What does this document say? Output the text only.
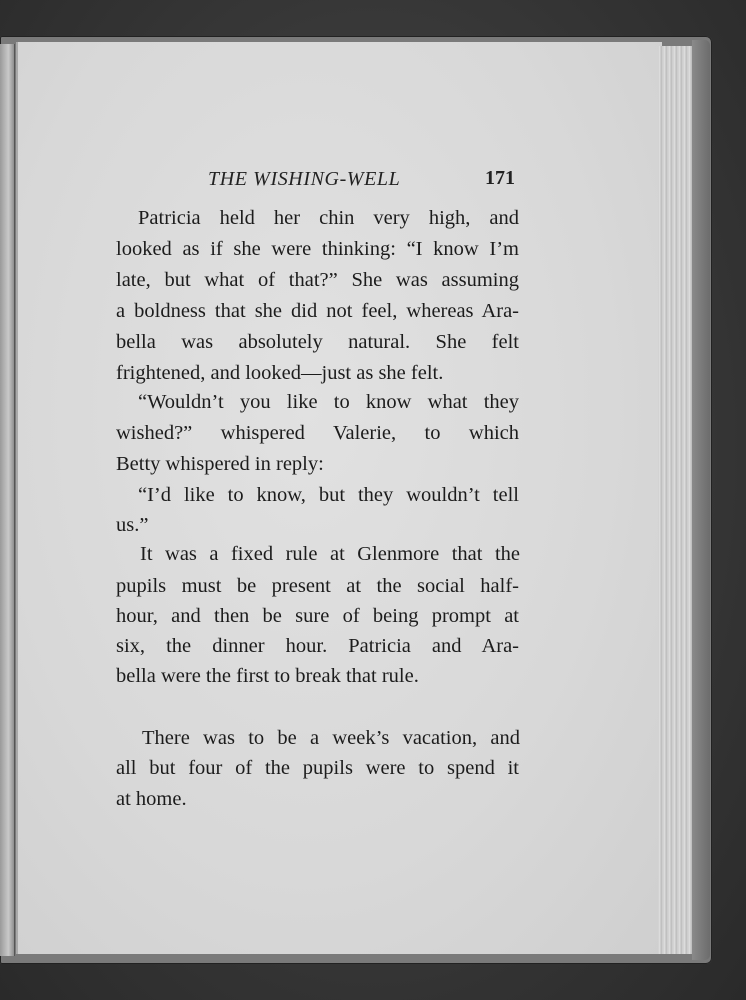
THE WISHING-WELL	171
Patricia held her chin very high, and
looked as if she were thinking: “I know I’m
late, but what of that?” She was assuming
a boldness that she did not feel, whereas Ara-
bella was absolutely natural. She felt
frightened, and looked—just as she felt.
“Wouldn’t you like to know what they
wished?” whispered Valerie, to which
Betty whispered in reply:
“I’d like to know, but they wouldn’t tell
us.”
It was a fixed rule at Glenmore that the
pupils must be present at the social half-
hour, and then be sure of being prompt at
six, the dinner hour. Patricia and Ara-
bella were the first to break that rule.
There was to be a week’s vacation, and
all but four of the pupils were to spend it
at home.
